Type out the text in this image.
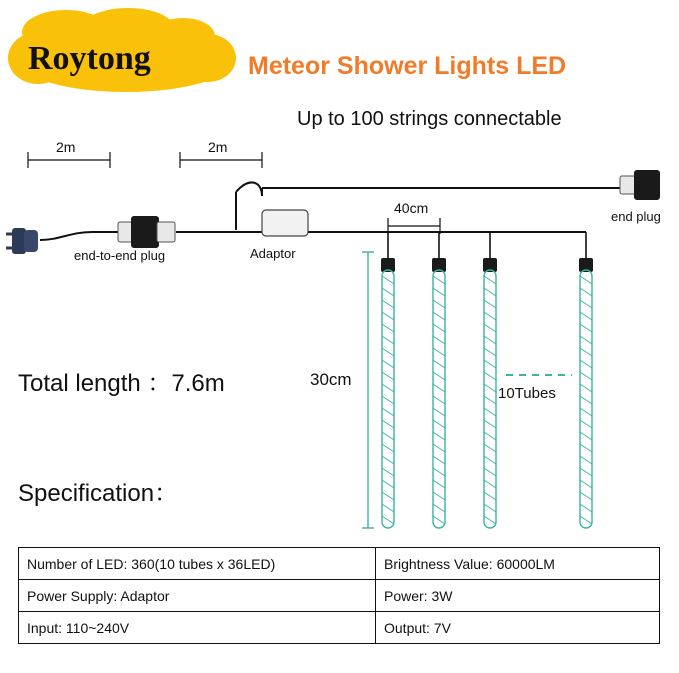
Roytong	Meteor Shower Lights LED
Up to 100 strings connectable
2m	2m
40cm
30cm
end-to-end plug	Adaptor
end plug
10Tubes
Total length ：7.6m
Specification：
Number of LED: 360(10 tubes x 36LED)	Brightness Value: 60000LM
Power Supply: Adaptor	Power: 3W
Input: 110~240V	Output: 7V
